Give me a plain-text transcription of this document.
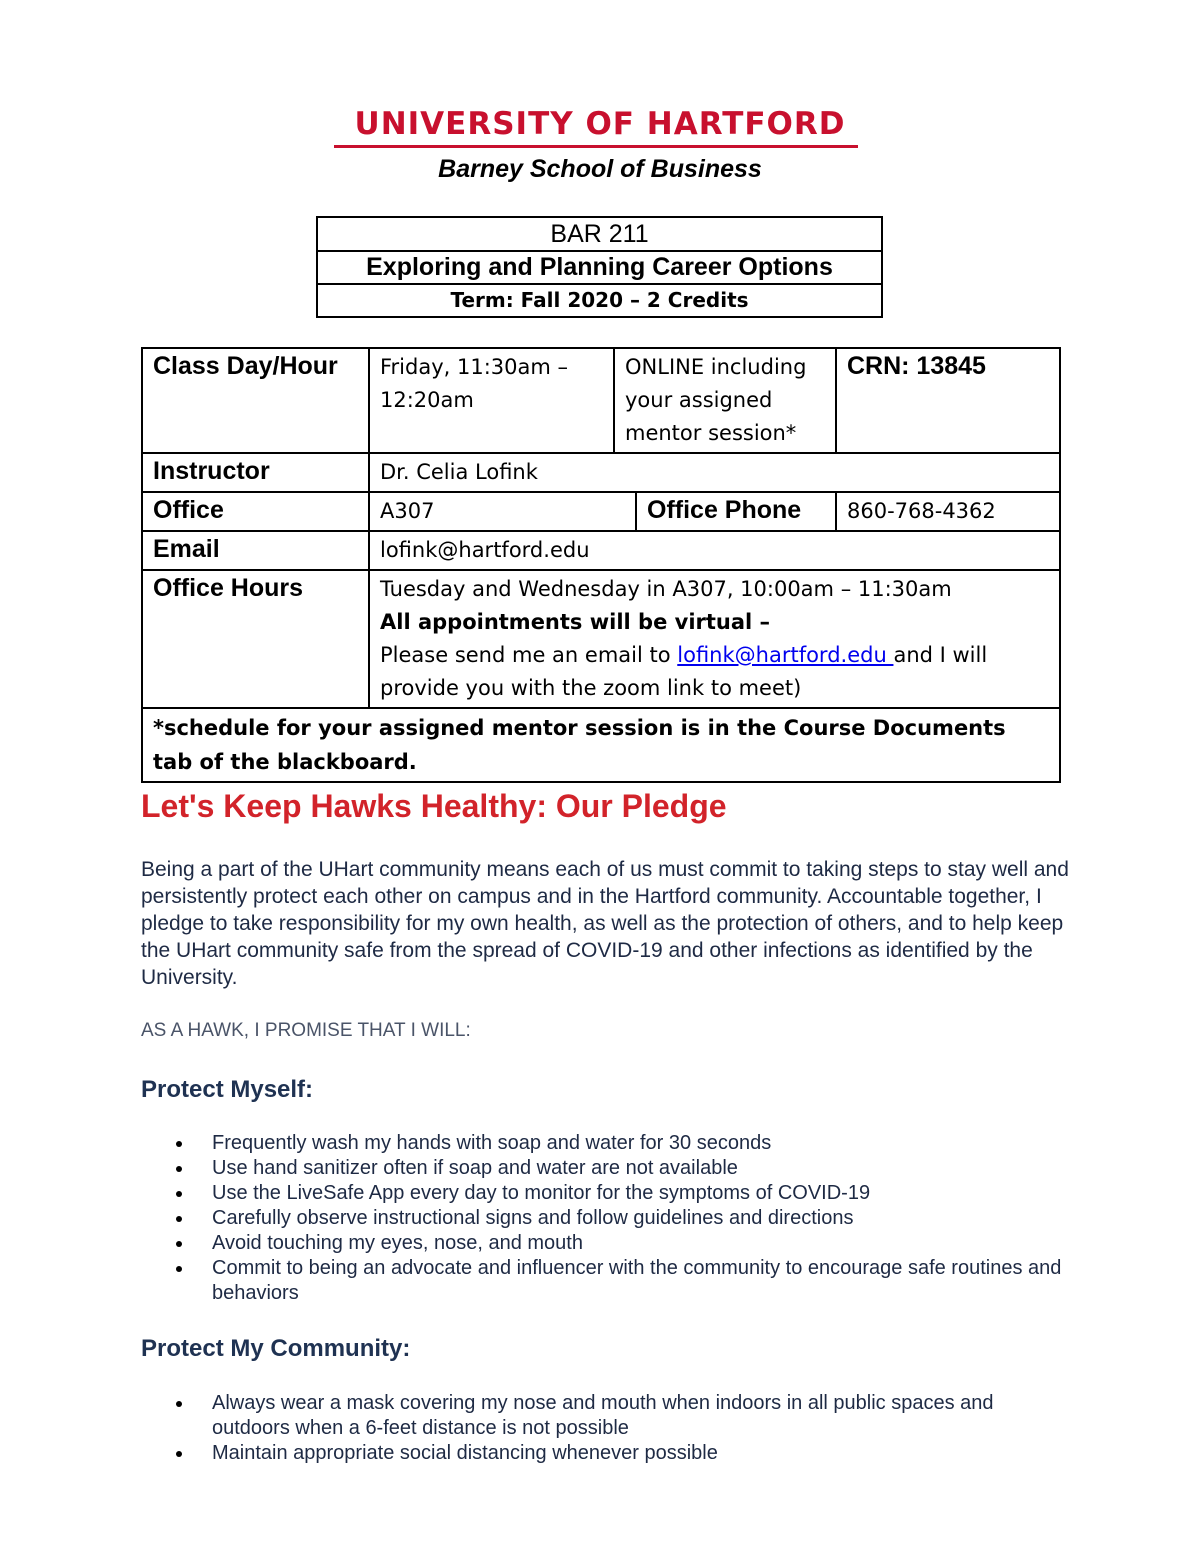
UNIVERSITY OF HARTFORD
Barney School of Business
BAR 211
Exploring and Planning Career Options
Term: Fall 2020 – 2 Credits
Class Day/Hour	Friday, 11:30am – 12:20am	ONLINE including your assigned mentor session*		CRN: 13845
Instructor	Dr. Celia Lofink			
Office	A307		Office Phone	860-768-4362
Email	lofink@hartford.edu			
Office Hours	Tuesday and Wednesday in A307, 10:00am – 11:30am
All appointments will be virtual –
Please send me an email to lofink@hartford.edu and I will provide you with the zoom link to meet)			

*schedule for your assigned mentor session is in the Course Documents tab of the blackboard.				
Let's Keep Hawks Healthy: Our Pledge

Being a part of the UHart community means each of us must commit to taking steps to stay well and persistently protect each other on campus and in the Hartford community. Accountable together, I pledge to take responsibility for my own health, as well as the protection of others, and to help keep the UHart community safe from the spread of COVID-19 and other infections as identified by the University.

AS A HAWK, I PROMISE THAT I WILL:
Protect Myself:
Frequently wash my hands with soap and water for 30 seconds
Use hand sanitizer often if soap and water are not available
Use the LiveSafe App every day to monitor for the symptoms of COVID-19
Carefully observe instructional signs and follow guidelines and directions
Avoid touching my eyes, nose, and mouth
Commit to being an advocate and influencer with the community to encourage safe routines and behaviors
Protect My Community:
Always wear a mask covering my nose and mouth when indoors in all public spaces and outdoors when a 6-feet distance is not possible
Maintain appropriate social distancing whenever possible
